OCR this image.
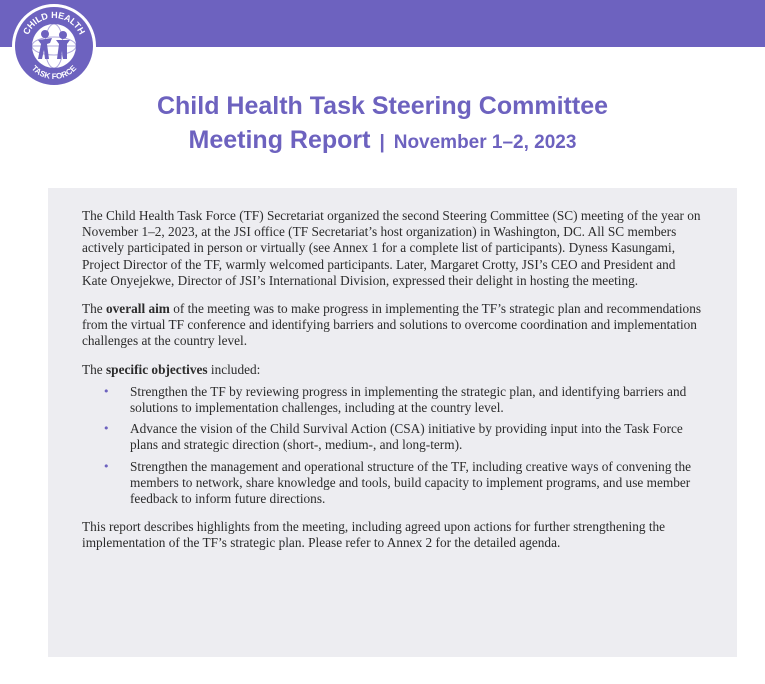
CHILD HEALTH
TASK FORCE
Child Health Task Steering Committee
Meeting Report | November 1–2, 2023

The Child Health Task Force (TF) Secretariat organized the second Steering Committee (SC) meeting of the year on November 1–2, 2023, at the JSI office (TF Secretariat’s host organization) in Washington, DC. All SC members actively participated in person or virtually (see Annex 1 for a complete list of participants). Dyness Kasungami, Project Director of the TF, warmly welcomed participants. Later, Margaret Crotty, JSI’s CEO and President and Kate Onyejekwe, Director of JSI’s International Division, expressed their delight in hosting the meeting.

The overall aim of the meeting was to make progress in implementing the TF’s strategic plan and recommendations from the virtual TF conference and identifying barriers and solutions to overcome coordination and implementation challenges at the country level.

The specific objectives included:

• Strengthen the TF by reviewing progress in implementing the strategic plan, and identifying barriers and solutions to implementation challenges, including at the country level.
• Advance the vision of the Child Survival Action (CSA) initiative by providing input into the Task Force plans and strategic direction (short-, medium-, and long-term).
• Strengthen the management and operational structure of the TF, including creative ways of convening the members to network, share knowledge and tools, build capacity to implement programs, and use member feedback to inform future directions.

This report describes highlights from the meeting, including agreed upon actions for further strengthening the implementation of the TF’s strategic plan. Please refer to Annex 2 for the detailed agenda.
